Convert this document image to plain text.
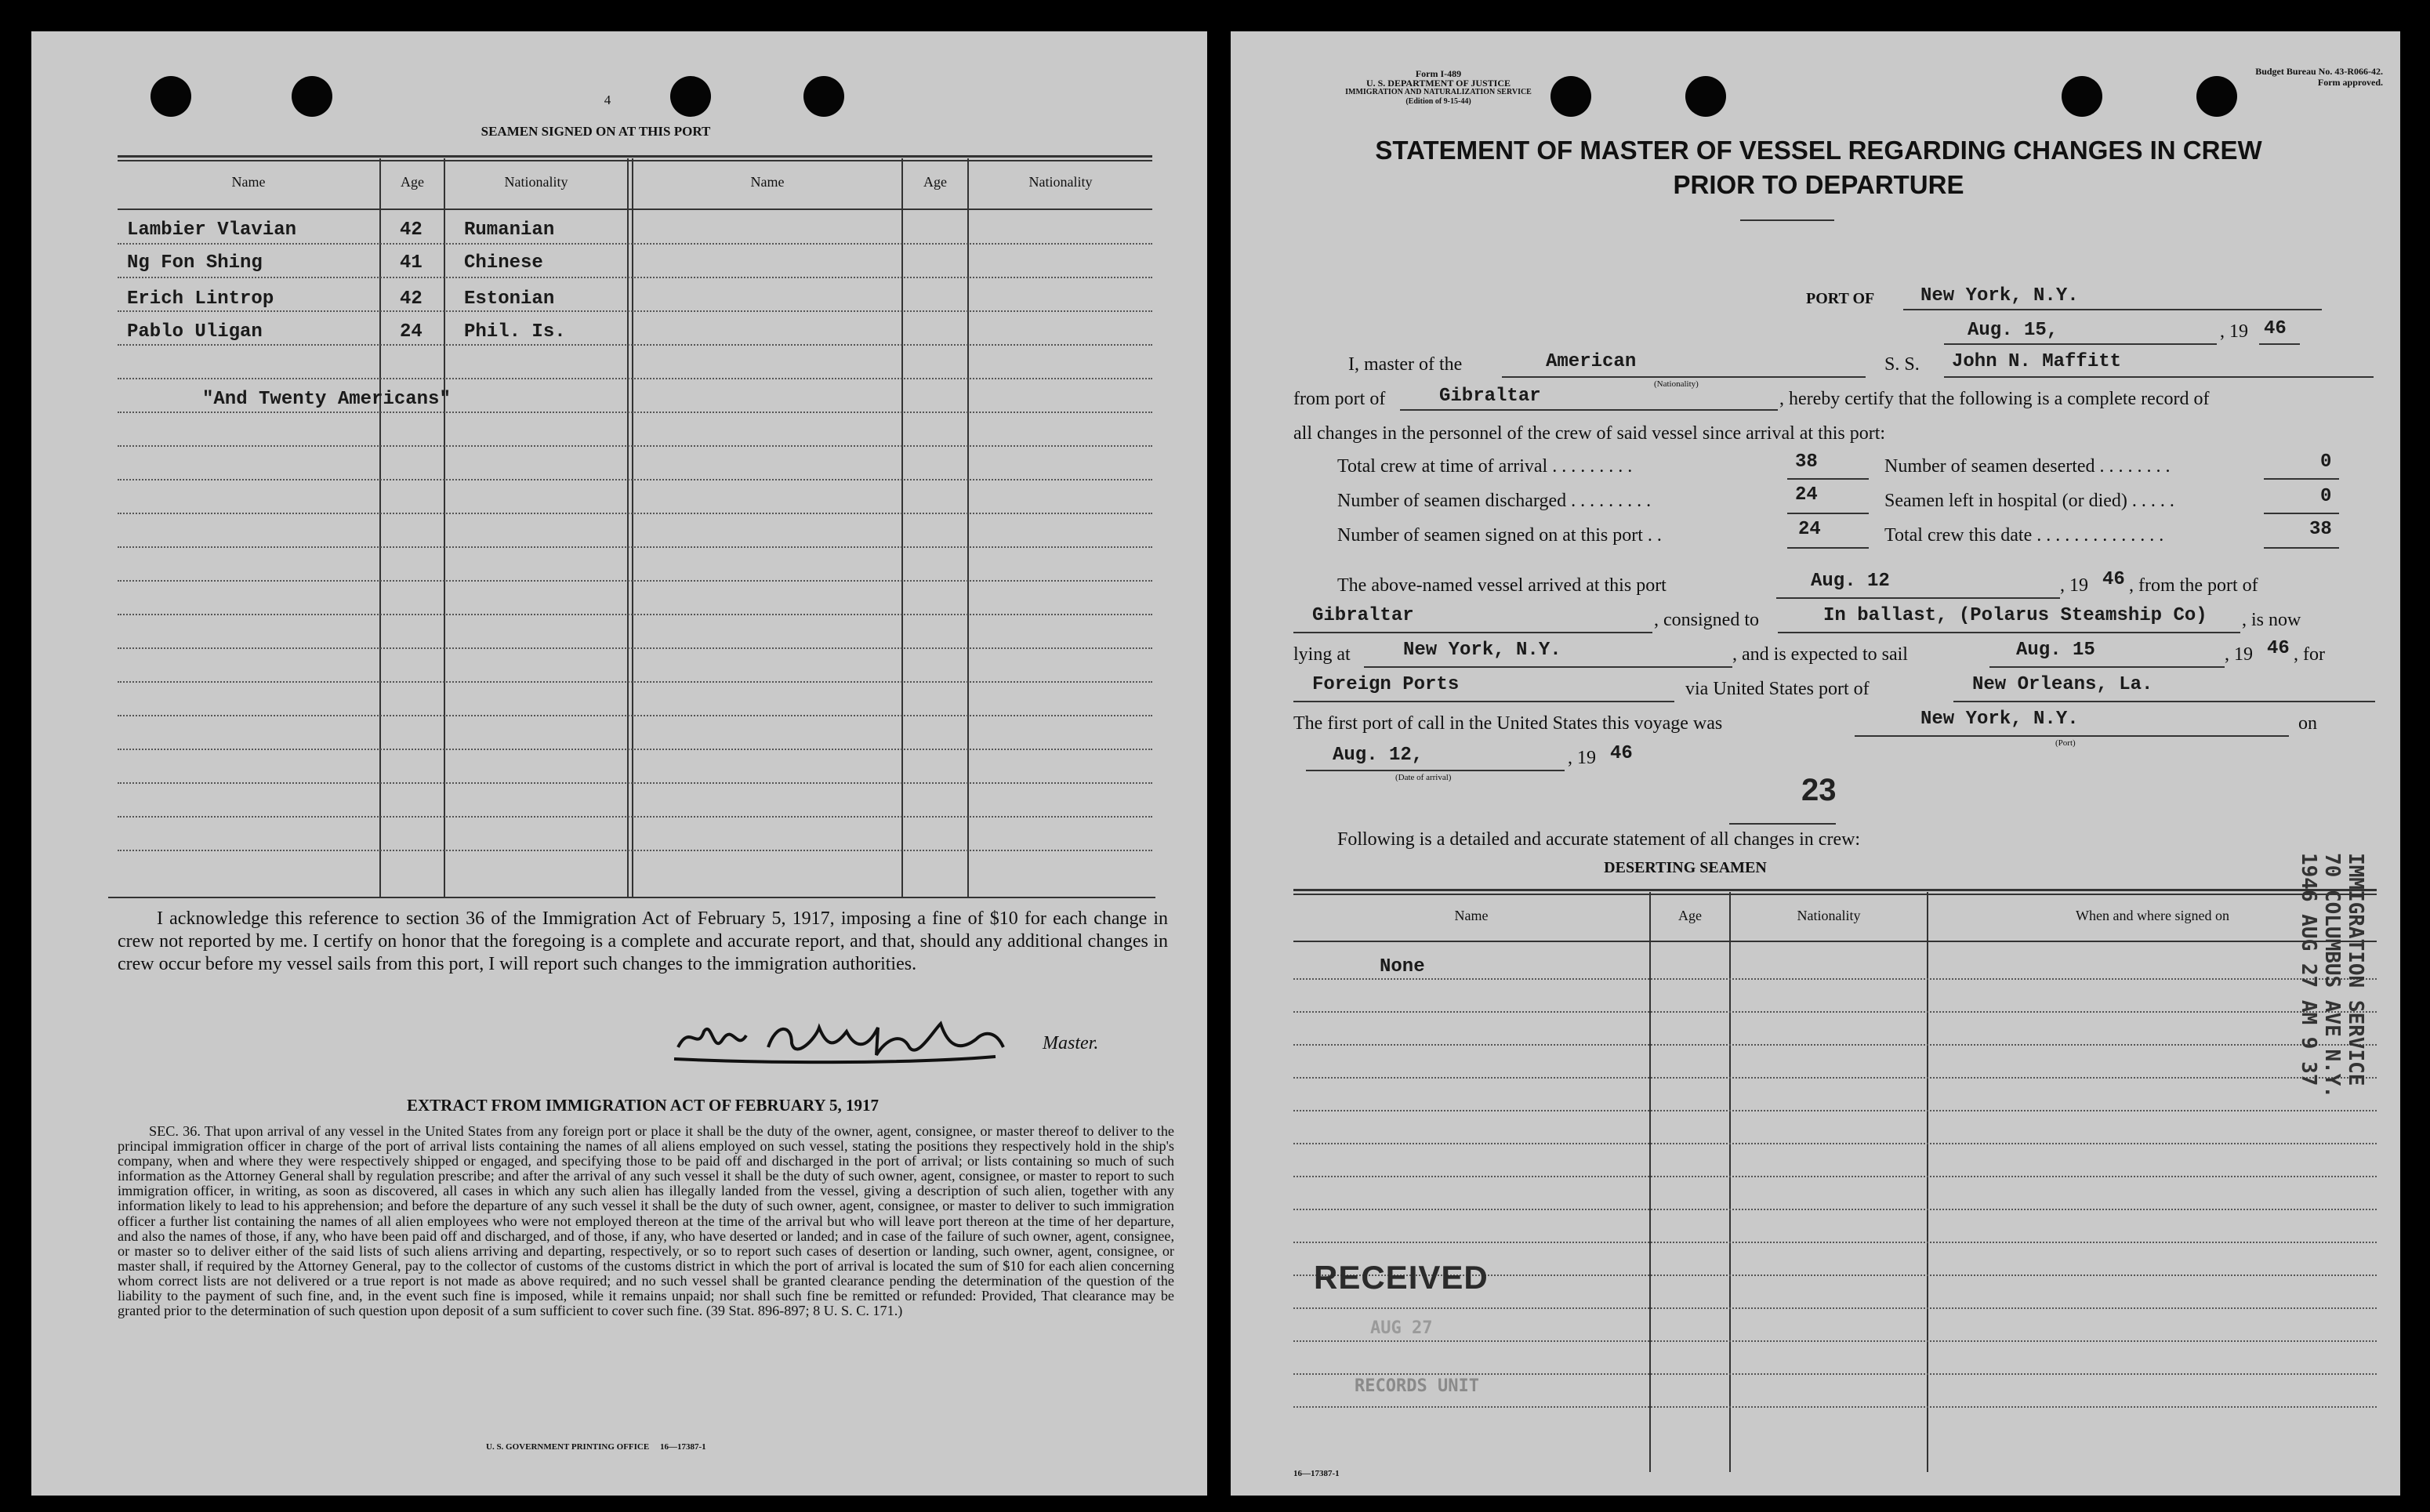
4
SEAMEN SIGNED ON AT THIS PORT
Name	Age	Nationality	Name	Age	Nationality
Lambier Vlavian	42 Rumanian
Ng Fon Shing	41 Chinese
Erich Lintrop	42 Estonian
Pablo Uligan	24 Phil. Is.
"And Twenty Americans"
I acknowledge this reference to section 36 of the Immigration Act of February 5, 1917, imposing a fine of $10 for each change in crew not reported by me. I certify on honor that the foregoing is a complete and accurate report, and that, should any additional changes in crew occur before my vessel sails from this port, I will report such changes to the immigration authorities.
Master.
EXTRACT FROM IMMIGRATION ACT OF FEBRUARY 5, 1917
SEC. 36. That upon arrival of any vessel in the United States from any foreign port or place it shall be the duty of the owner, agent, consignee, or master thereof to deliver to the principal immigration officer in charge of the port of arrival lists containing the names of all aliens employed on such vessel, stating the positions they respectively hold in the ship's company, when and where they were respectively shipped or engaged, and specifying those to be paid off and discharged in the port of arrival; or lists containing so much of such information as the Attorney General shall by regulation prescribe; and after the arrival of any such vessel it shall be the duty of such owner, agent, consignee, or master to report to such immigration officer, in writing, as soon as discovered, all cases in which any such alien has illegally landed from the vessel, giving a description of such alien, together with any information likely to lead to his apprehension; and before the departure of any such vessel it shall be the duty of such owner, agent, consignee, or master to deliver to such immigration officer a further list containing the names of all alien employees who were not employed thereon at the time of the arrival but who will leave port thereon at the time of her departure, and also the names of those, if any, who have been paid off and discharged, and of those, if any, who have deserted or landed; and in case of the failure of such owner, agent, consignee, or master so to deliver either of the said lists of such aliens arriving and departing, respectively, or so to report such cases of desertion or landing, such owner, agent, consignee, or master shall, if required by the Attorney General, pay to the collector of customs of the customs district in which the port of arrival is located the sum of $10 for each alien concerning whom correct lists are not delivered or a true report is not made as above required; and no such vessel shall be granted clearance pending the determination of the question of the liability to the payment of such fine, and, in the event such fine is imposed, while it remains unpaid; nor shall such fine be remitted or refunded: Provided, That clearance may be granted prior to the determination of such question upon deposit of a sum sufficient to cover such fine. (39 Stat. 896-897; 8 U. S. C. 171.)
U. S. GOVERNMENT PRINTING OFFICE     16—17387-1
Form I-489
U. S. DEPARTMENT OF JUSTICE
IMMIGRATION AND NATURALIZATION SERVICE
(Edition of 9-15-44)
Budget Bureau No. 43-R066-42.
Form approved.
STATEMENT OF MASTER OF VESSEL REGARDING CHANGES IN CREW
PRIOR TO DEPARTURE
PORT OF New York, N.Y.
Aug. 15,	, 19 46
I, master of the	American
(Nationality)
S. S. John N. Maffitt
from port of	Gibraltar	, hereby certify that the following is a complete record of
all changes in the personnel of the crew of said vessel since arrival at this port:
Total crew at time of arrival . . . . . . . . .	38	Number of seamen deserted . . . . . . . .	0
Number of seamen discharged . . . . . . . . .	24	Seamen left in hospital (or died) . . . . .	0
Number of seamen signed on at this port . .	24	Total crew this date . . . . . . . . . . . . . .	38
The above-named vessel arrived at this port	Aug. 12	, 19 46 , from the port of
Gibraltar	, consigned to	In ballast, (Polarus Steamship Co) , is now
lying at	New York, N.Y.	, and is expected to sail	Aug. 15	, 19 46 , for
Foreign Ports	via United States port of	New Orleans, La.
The first port of call in the United States this voyage was	New York, N.Y.	on
(Port)
Aug. 12,	, 19 46
(Date of arrival)	23
Following is a detailed and accurate statement of all changes in crew:
DESERTING SEAMEN
Name	Age	Nationality	When and where signed on
None	IMMIGRATION SERVICE
70 COLUMBUS AVE N.Y.
1946 AUG 27 AM 9 37
RECEIVED
AUG 27
RECORDS UNIT
16—17387-1
